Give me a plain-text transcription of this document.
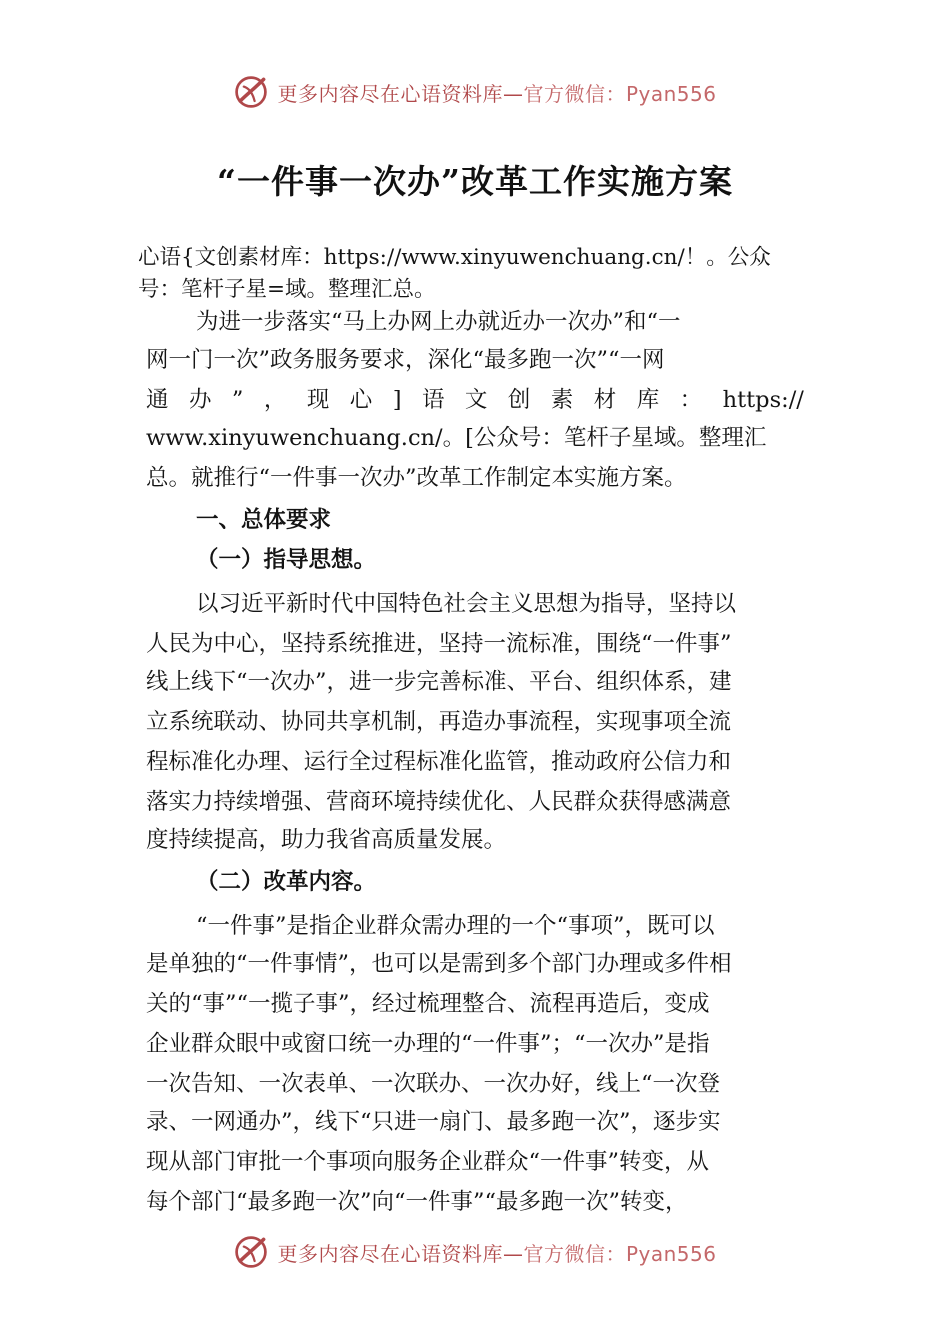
更多内容尽在心语资料库—官方微信：Pyan556
“一件事一次办”改革工作实施方案
心语{文创素材库：https://www.xinyuwenchuang.cn/！。公众
号：笔杆子星=域。整理汇总。
为进一步落实“马上办网上办就近办一次办”和“一
网一门一次”政务服务要求，深化“最多跑一次”“一网
通 办 ” ， 现 心 ] 语 文 创 素 材 库 ： https://
www.xinyuwenchuang.cn/。[公众号：笔杆子星域。整理汇
总。就推行“一件事一次办”改革工作制定本实施方案。
一、总体要求
（一）指导思想。
以习近平新时代中国特色社会主义思想为指导，坚持以
人民为中心，坚持系统推进，坚持一流标准，围绕“一件事”
线上线下“一次办”，进一步完善标准、平台、组织体系，建
立系统联动、协同共享机制，再造办事流程，实现事项全流
程标准化办理、运行全过程标准化监管，推动政府公信力和
落实力持续增强、营商环境持续优化、人民群众获得感满意
度持续提高，助力我省高质量发展。
（二）改革内容。
“一件事”是指企业群众需办理的一个“事项”，既可以
是单独的“一件事情”，也可以是需到多个部门办理或多件相
关的“事”“一揽子事”，经过梳理整合、流程再造后，变成
企业群众眼中或窗口统一办理的“一件事”；“一次办”是指
一次告知、一次表单、一次联办、一次办好，线上“一次登
录、一网通办”，线下“只进一扇门、最多跑一次”，逐步实
现从部门审批一个事项向服务企业群众“一件事”转变，从
每个部门“最多跑一次”向“一件事”“最多跑一次”转变，
更多内容尽在心语资料库—官方微信：Pyan556
